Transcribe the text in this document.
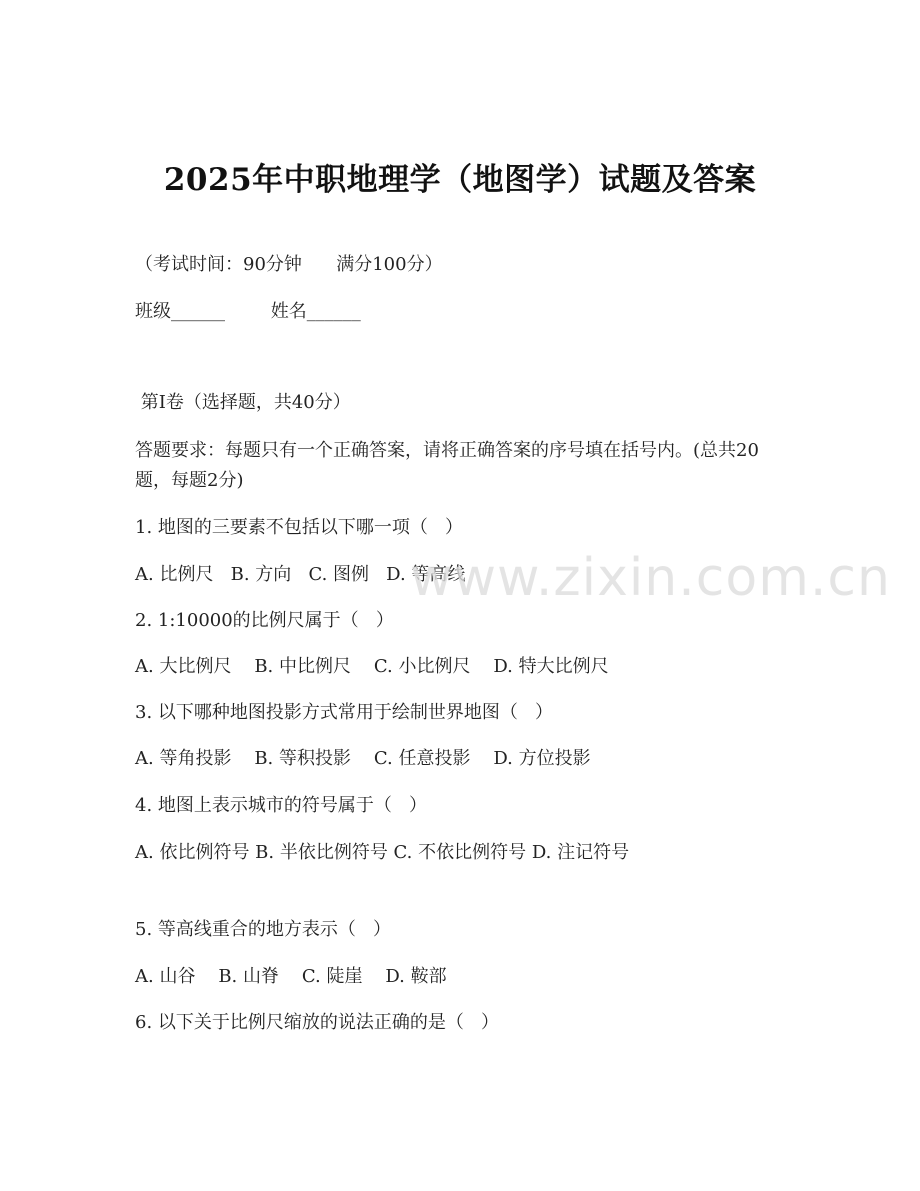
2025年中职地理学（地图学）试题及答案
（考试时间：90分钟      满分100分）
班级______        姓名______
第Ⅰ卷（选择题，共40分）
答题要求：每题只有一个正确答案，请将正确答案的序号填在括号内。(总共20题，每题2分)
1. 地图的三要素不包括以下哪一项（   ）
A. 比例尺   B. 方向   C. 图例   D. 等高线
2. 1:10000的比例尺属于（   ）
A. 大比例尺    B. 中比例尺    C. 小比例尺    D. 特大比例尺
3. 以下哪种地图投影方式常用于绘制世界地图（   ）
A. 等角投影    B. 等积投影    C. 任意投影    D. 方位投影
4. 地图上表示城市的符号属于（   ）
A. 依比例符号 B. 半依比例符号 C. 不依比例符号 D. 注记符号
5. 等高线重合的地方表示（   ）
A. 山谷    B. 山脊    C. 陡崖    D. 鞍部
6. 以下关于比例尺缩放的说法正确的是（   ）
www.zixin.com.cn
